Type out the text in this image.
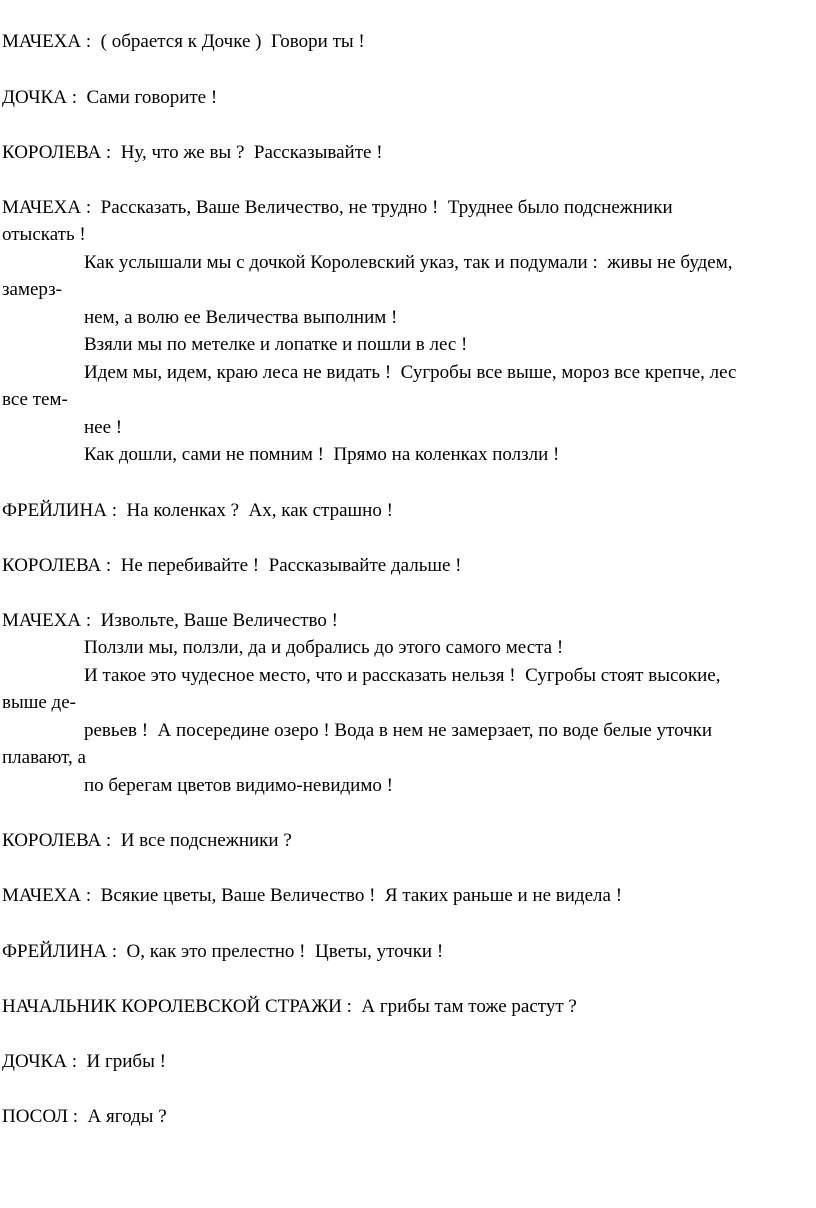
МАЧЕХА :  ( обрается к Дочке )  Говори ты !
ДОЧКА :  Сами говорите !
КОРОЛЕВА :  Ну, что же вы ?  Рассказывайте !
МАЧЕХА :  Рассказать, Ваше Величество, не трудно !  Труднее было подснежники
отыскать !
Как услышали мы с дочкой Королевский указ, так и подумали :  живы не будем,
замерз-
нем, а волю ее Величества выполним !
Взяли мы по метелке и лопатке и пошли в лес !
Идем мы, идем, краю леса не видать !  Сугробы все выше, мороз все крепче, лес
все тем-
нее !
Как дошли, сами не помним !  Прямо на коленках ползли !
ФРЕЙЛИНА :  На коленках ?  Ах, как страшно !
КОРОЛЕВА :  Не перебивайте !  Рассказывайте дальше !
МАЧЕХА :  Извольте, Ваше Величество !
Ползли мы, ползли, да и добрались до этого самого места !
И такое это чудесное место, что и рассказать нельзя !  Сугробы стоят высокие,
выше де-
ревьев !  А посередине озеро ! Вода в нем не замерзает, по воде белые уточки
плавают, а
по берегам цветов видимо-невидимо !
КОРОЛЕВА :  И все подснежники ?
МАЧЕХА :  Всякие цветы, Ваше Величество !  Я таких раньше и не видела !
ФРЕЙЛИНА :  О, как это прелестно !  Цветы, уточки !
НАЧАЛЬНИК КОРОЛЕВСКОЙ СТРАЖИ :  А грибы там тоже растут ?
ДОЧКА :  И грибы !
ПОСОЛ :  А ягоды ?
